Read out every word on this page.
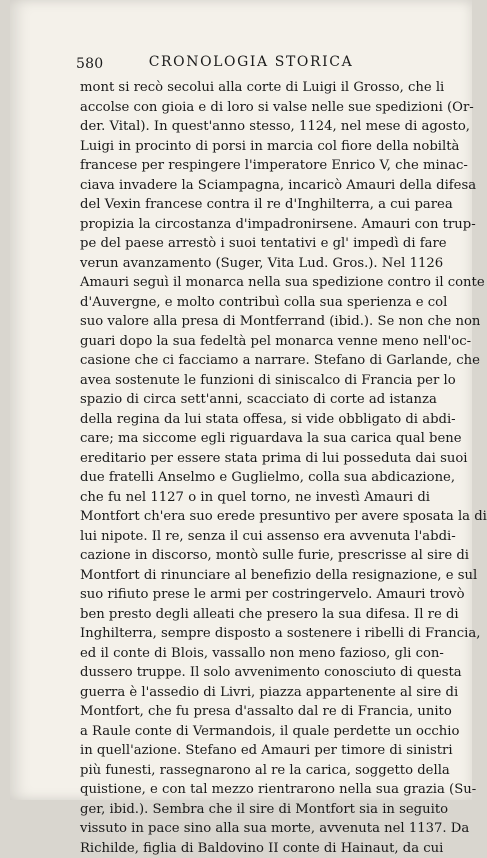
580	CRONOLOGIA STORICA
mont si recò secolui alla corte di Luigi il Grosso, che li
accolse con gioia e di loro si valse nelle sue spedizioni (Or-
der. Vital). In quest'anno stesso, 1124, nel mese di agosto,
Luigi in procinto di porsi in marcia col fiore della nobiltà
francese per respingere l'imperatore Enrico V, che minac-
ciava invadere la Sciampagna, incaricò Amauri della difesa
del Vexin francese contra il re d'Inghilterra, a cui parea
propizia la circostanza d'impadronirsene. Amauri con trup-
pe del paese arrestò i suoi tentativi e gl' impedì di fare
verun avanzamento (Suger, Vita Lud. Gros.). Nel 1126
Amauri seguì il monarca nella sua spedizione contro il conte
d'Auvergne, e molto contribuì colla sua sperienza e col
suo valore alla presa di Montferrand (ibid.). Se non che non
guari dopo la sua fedeltà pel monarca venne meno nell'oc-
casione che ci facciamo a narrare. Stefano di Garlande, che
avea sostenute le funzioni di siniscalco di Francia per lo
spazio di circa sett'anni, scacciato di corte ad istanza
della regina da lui stata offesa, si vide obbligato di abdi-
care; ma siccome egli riguardava la sua carica qual bene
ereditario per essere stata prima di lui posseduta dai suoi
due fratelli Anselmo e Guglielmo, colla sua abdicazione,
che fu nel 1127 o in quel torno, ne investì Amauri di
Montfort ch'era suo erede presuntivo per avere sposata la di
lui nipote. Il re, senza il cui assenso era avvenuta l'abdi-
cazione in discorso, montò sulle furie, prescrisse al sire di
Montfort di rinunciare al benefizio della resignazione, e sul
suo rifiuto prese le armi per costringervelo. Amauri trovò
ben presto degli alleati che presero la sua difesa. Il re di
Inghilterra, sempre disposto a sostenere i ribelli di Francia,
ed il conte di Blois, vassallo non meno fazioso, gli con-
dussero truppe. Il solo avvenimento conosciuto di questa
guerra è l'assedio di Livri, piazza appartenente al sire di
Montfort, che fu presa d'assalto dal re di Francia, unito
a Raule conte di Vermandois, il quale perdette un occhio
in quell'azione. Stefano ed Amauri per timore di sinistri
più funesti, rassegnarono al re la carica, soggetto della
quistione, e con tal mezzo rientrarono nella sua grazia (Su-
ger, ibid.). Sembra che il sire di Montfort sia in seguito
vissuto in pace sino alla sua morte, avvenuta nel 1137. Da
Richilde, figlia di Baldovino II conte di Hainaut, da cui
